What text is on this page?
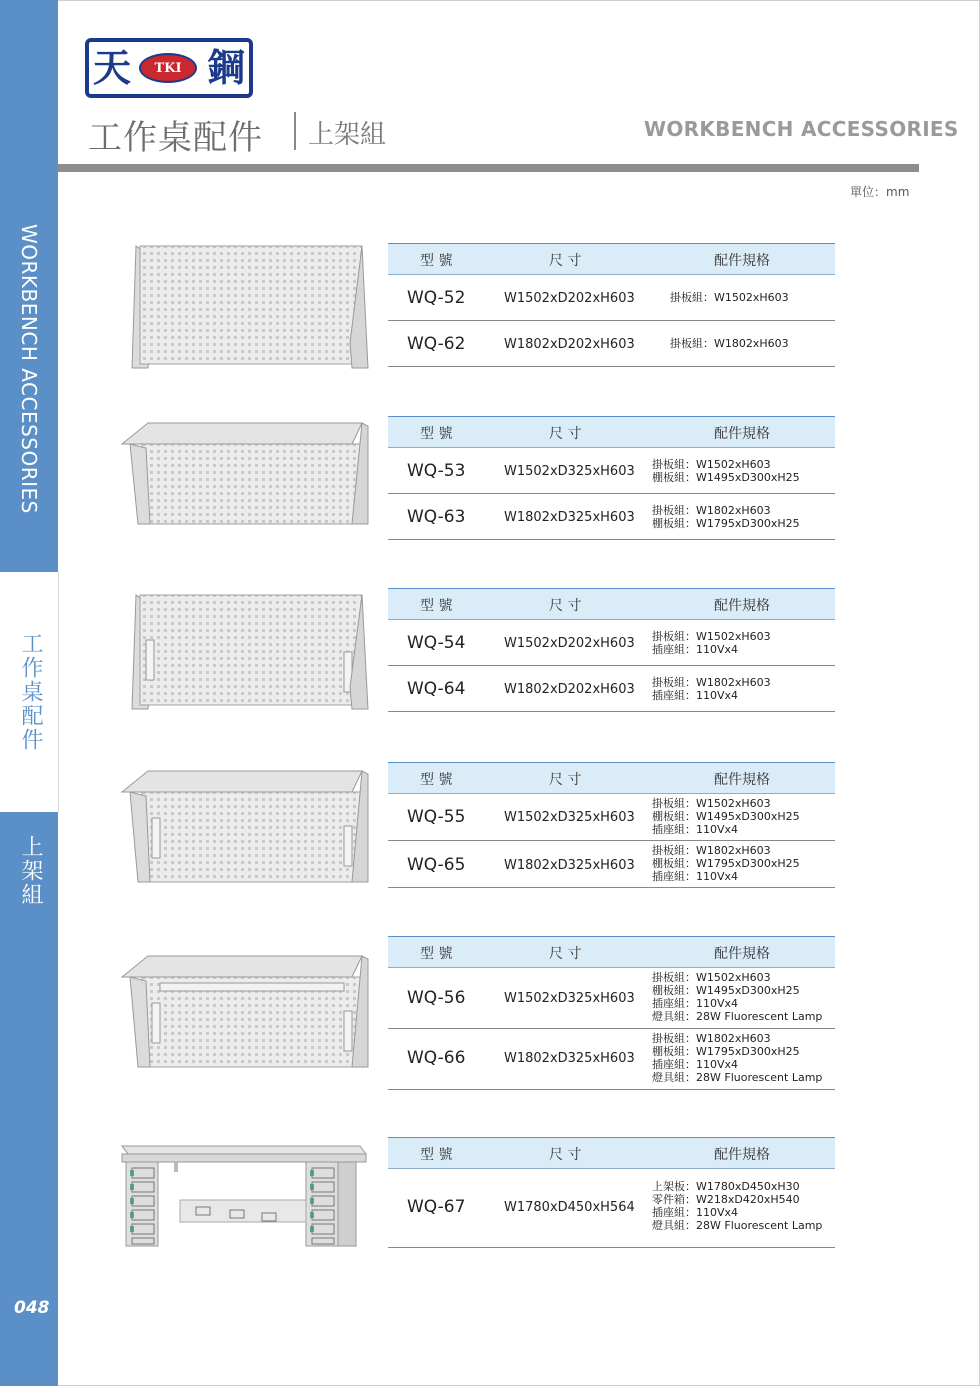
WORKBENCH ACCESSORIES
工作桌配件
上架組
048
天	TKI 鋼
工作桌配件 上架組	WORKBENCH ACCESSORIES
單位：mm
型 號	尺 寸	配件規格
WQ-52	W1502xD202xH603	掛板組：W1502xH603
WQ-62	W1802xD202xH603	掛板組：W1802xH603
型 號	尺 寸	配件規格
WQ-53	W1502xD325xH603 掛板組：W1502xH603
棚板組：W1495xD300xH25
WQ-63	W1802xD325xH603 掛板組：W1802xH603
棚板組：W1795xD300xH25
型 號	尺 寸	配件規格
WQ-54	W1502xD202xH603 掛板組：W1502xH603
插座組：110Vx4
WQ-64	W1802xD202xH603 掛板組：W1802xH603
插座組：110Vx4
型 號	尺 寸	配件規格
WQ-55	W1502xD325xH603
掛板組：W1502xH603
棚板組：W1495xD300xH25
插座組：110Vx4
WQ-65	W1802xD325xH603
掛板組：W1802xH603
棚板組：W1795xD300xH25
插座組：110Vx4
型 號	尺 寸	配件規格
WQ-56	W1502xD325xH603
掛板組：W1502xH603
棚板組：W1495xD300xH25
插座組：110Vx4
燈具組：28W Fluorescent Lamp
WQ-66	W1802xD325xH603
掛板組：W1802xH603
棚板組：W1795xD300xH25
插座組：110Vx4
燈具組：28W Fluorescent Lamp
型 號	尺 寸	配件規格
WQ-67	W1780xD450xH564
上架板：W1780xD450xH30
零件箱：W218xD420xH540
插座組：110Vx4
燈具組：28W Fluorescent Lamp
